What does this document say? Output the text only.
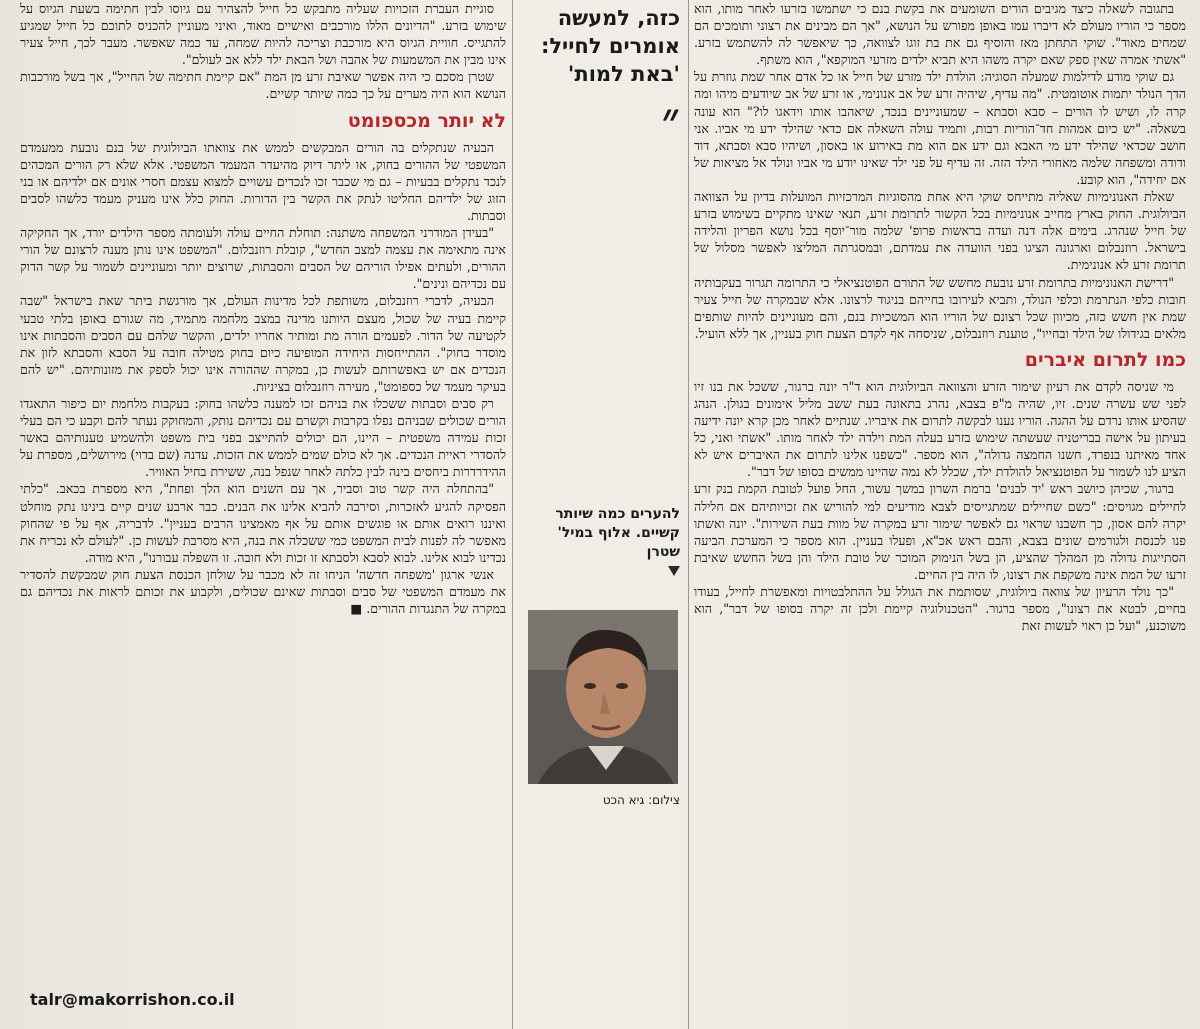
בתגובה לשאלה כיצד מגיבים הורים השומעים את בקשת בנם כי ישתמשו בזרעו לאחר מותו, הוא מספר כי הוריו מעולם לא דיברו עמו באופן מפורש על הנושא, "אך הם מבינים את רצוני ותומכים הם שמחים מאוד". שוקי התחתן מאז והוסיף גם את בת זוגו לצוואה, כך שיאפשר לה להשתמש בזרע. "אשתי אמרה שאין ספק שאם יקרה משהו היא תביא ילדים מזרעי המוקפא", הוא משתף.

גם שוקי מודע לדילמות שמעלה הסוגיה: הולדת ילד מזרע של חייל או כל אדם אחר שמת גוזרת על הדך הנולד יתמות אוטומטית. "מה עדיף, שיהיה זרע של אב אנונימי, או זרע של אב שיודעים מיהו ומה קרה לו, ושיש לו הורים – סבא וסבתא – שמעוניינים בנכד, שיאהבו אותו וידאגו לו?" הוא עונה בשאלה. "יש כיום אמהות חד־הוריות רבות, ותמיד עולה השאלה אם כדאי שהילד ידע מי אביו. אני חושב שכדאי שהילד ידע מי האבא וגם ידע אם הוא מת באירוע או באסון, ושיהיו סבא וסבתא, דוד ודודה ומשפחה שלמה מאחורי הילד הזה. זה עדיף על פני ילד שאינו יודע מי אביו ונולד אל מציאות של אם יחידה", הוא קובע.

שאלת האנונימיות שאליה מתייחס שוקי היא אחת מהסוגיות המרכזיות המועלות בדיון על הצוואה הביולוגית. החוק בארץ מחייב אנונימיות בכל הקשור לתרומת זרע, תנאי שאינו מתקיים בשימוש בזרע של חייל שנהרג. בימים אלה דנה ועדה בראשות פרופ' שלמה מור־יוסף בכל נושא הפריון והלידה בישראל. רוזנבלום וארגונה הציגו בפני הוועדה את עמדתם, ובמסגרתה המליצו לאפשר מסלול של תרומת זרע לא אנונימית.

"דרישת האנונימיות בתרומת זרע נובעת מחשש של התורם הפוטנציאלי כי התרומה תגרור בעקבותיה חובות כלפי הנתרמת וכלפי הנולד, ותביא לעירובו בחייהם בניגוד לרצונו. אלא שבמקרה של חייל צעיר שמת אין חשש כזה, מכיוון שכל רצונם של הוריו הוא המשכיות בנם, והם מעוניינים להיות שותפים מלאים בגידולו של הילד ובחייו", טוענת רוזנבלום, שניסחה אף לקדם הצעת חוק בעניין, אך ללא הועיל.

כמו לתרום איברים

מי שניסה לקדם את רעיון שימור הזרע והצוואה הביולוגית הוא ד"ר יונה ברגור, ששכל את בנו זיו לפני שש עשרה שנים. זיו, שהיה מ"פ בצבא, נהרג בתאונה בעת ששב מליל אימונים בגולן. הנהג שהסיע אותו נרדם על ההגה. הוריו נענו לבקשה לתרום את איבריו. שנתיים לאחר מכן קרא יונה ידיעה בעיתון על אישה בבריטניה שעשתה שימוש בזרע בעלה המת וילדה ילד לאחר מותו. "אשתי ואני, כל אחד מאיתנו בנפרד, חשנו החמצה גדולה", הוא מספר. "כשפנו אלינו לתרום את האיברים איש לא הציע לנו לשמור על הפוטנציאל להולדת ילד, שכלל לא נמה שהיינו ממשים בסופו של דבר".

ברגור, שכיהן כיושב ראש 'יד לבנים' ברמת השרון במשך עשור, החל פועל לטובת הקמת בנק זרע לחיילים מגויסים: "כשם שחיילים שמתגייסים לצבא מודיעים למי להוריש את זכויותיהם אם חלילה יקרה להם אסון, כך חשבנו שראוי גם לאפשר שימור זרע במקרה של מוות בעת השירות". יונה ואשתו פנו לכנסת ולגורמים שונים בצבא, והבם ראש אכ"א, ופעלו בעניין. הוא מספר כי המערכת הביעה הסתייגות גדולה מן המהלך שהציע, הן בשל הנימוק המוכר של טובת הילד והן בשל החשש שאיבת זרעו של המת אינה משקפת את רצונו, לו היה בין החיים.

"כך נולד הרעיון של צוואה ביולוגית, שסותמת את הגולל על ההתלבטויות ומאפשרת לחייל, בעודו בחיים, לבטא את רצונו", מספר ברגור. "הטכנולוגיה קיימת ולכן זה יקרה בסופו של דבר", הוא משוכנע, "ועל כן ראוי לעשות זאת

כזה, למעשה אומרים לחייל: 'באת למות'
״
להערים כמה שיותר קשיים. אלוף במיל' שטרן
צילום: גיא הכט

סוגיית העברת הזכויות שעליה מתבקש כל חייל להצהיר עם גיוסו לבין חתימה בשעת הגיוס על שימוש בזרע. "הדיונים הללו מורכבים ואישיים מאוד, ואיני מעוניין להכניס לתוכם כל חייל שמגיע להתגייס. חוויית הגיוס היא מורכבת וצריכה להיות שמחה, עד כמה שאפשר. מעבר לכך, חייל צעיר אינו מבין את המשמעות של אהבה ושל הבאת ילד ללא אב לעולם".

שטרן מסכם כי היה אפשר שאיבת זרע מן המת "אם קיימת חתימה של החייל", אך בשל מורכבות הנושא הוא היה מערים על כך כמה שיותר קשיים.

לא יותר מכספומט

הבעיה שנתקלים בה הורים המבקשים לממש את צוואתו הביולוגית של בנם נובעת ממעמדם המשפטי של ההורים בחוק, או ליתר דיוק מהיעדר המעמד המשפטי. אלא שלא רק הורים המכהים לנכד נתקלים בבעיות – גם מי שכבר זכו לנכדים עשויים למצוא עצמם חסרי אונים אם ילדיהם או בני הזוג של ילדיהם החליטו לנתק את הקשר בין הדורות. החוק כלל אינו מעניק מעמד כלשהו לסבים וסבתות.

"בעידן המודרני המשפחה משתנה: תוחלת החיים עולה ולעומתה מספר הילדים יורד, אך החקיקה אינה מתאימה את עצמה למצב החדש", קובלת רוזנבלום. "המשפט אינו נותן מענה לרצונם של הורי ההורים, ולעתים אפילו הוריהם של הסבים והסבתות, שרוצים יותר ומעוניינים לשמור על קשר הדוק עם נכדיהם ונינים".

הבעיה, לדברי רוזנבלום, משותפת לכל מדינות העולם, אך מורגשת ביתר שאת בישראל "שבה קיימת בעיה של שכול, מעצם היותנו מדינה במצב מלחמה מתמיד, מה שגורם באופן בלתי טבעי לקטיעה של הדור. לפעמים הורה מת ומותיר אחריו ילדים, והקשר שלהם עם הסבים והסבתות אינו מוסדר בחוק". ההתייחסות היחידה המופיעה כיום בחוק מטילה חובה על הסבא והסבתא לזון את הנכדים אם יש באפשרותם לעשות כן, במקרה שההורה אינו יכול לספק את מזונותיהם. "יש להם בעיקר מעמד של כספומט", מעירה רוזנבלום בציניות.

רק סבים וסבתות ששכלו את בניהם זכו למענה כלשהו בחוק: בעקבות מלחמת יום כיפור התאגדו הורים שכולים שבניהם נפלו בקרבות וקשרם עם נכדיהם נותק, והמחוקק נעתר להם וקבע כי הם בעלי זכות עמידה משפטית – היינו, הם יכולים להתייצב בפני בית משפט ולהשמיע טענותיהם באשר להסדרי ראיית הנכדים. אך לא כולם שמים לממש את הזכות. עדנה (שם בדוי) מירושלים, מספרת על ההידרדרות ביחסים בינה לבין כלתה לאחר שנפל בנה, ששירת בחיל האוויר.

"בהתחלה היה קשר טוב וסביר, אך עם השנים הוא הלך ופחת", היא מספרת בכאב. "כלתי הפסיקה להגיע לאזכרות, וסירבה להביא אלינו את הבנים. כבר ארבע שנים קיים בינינו נתק מוחלט ואיננו רואים אותם או פוגשים אותם על אף מאמצינו הרבים בעניין". לדבריה, אף על פי שהחוק מאפשר לה לפנות לבית המשפט כמי ששכלה את בנה, היא מסרבת לעשות כן. "לעולם לא נכריח את נכדינו לבוא אלינו. לבוא לסבא ולסבתא זו זכות ולא חובה. זו השפלה עבורנו", היא מודה.

אנשי ארגון 'משפחה חדשה' הניחו זה לא מכבר על שולחן הכנסת הצעת חוק שמבקשת להסדיר את מעמדם המשפטי של סבים וסבתות שאינם שכולים, ולקבוע את זכותם לראות את נכדיהם גם במקרה של התנגדות ההורים. ■

talr@makorrishon.co.il
